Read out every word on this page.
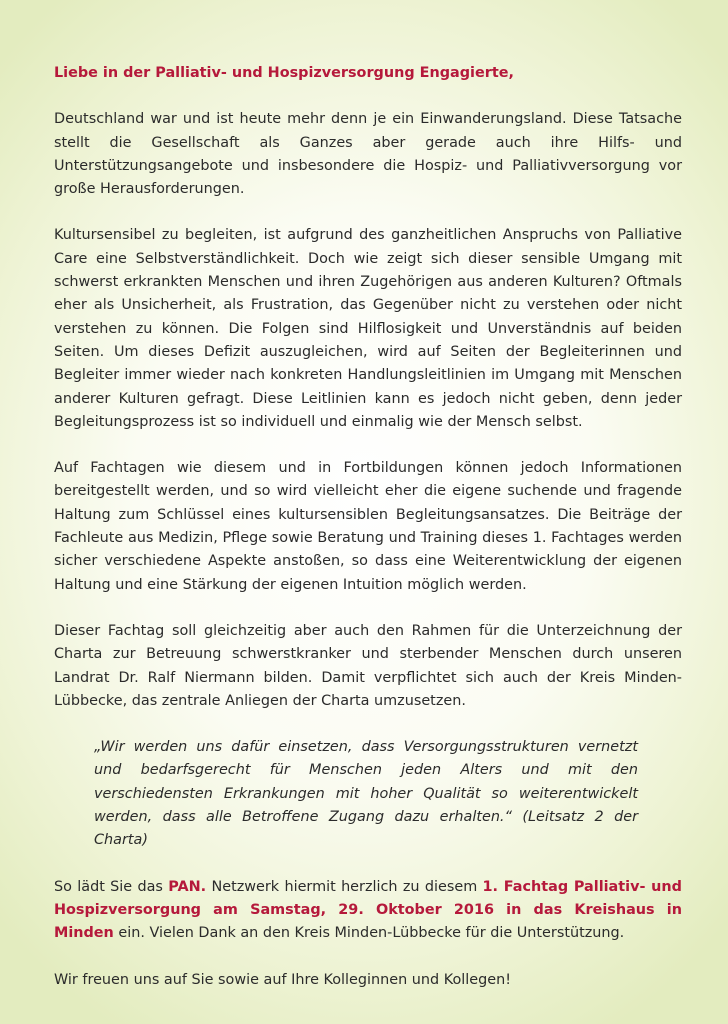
Liebe in der Palliativ- und Hospizversorgung Engagierte,

Deutschland war und ist heute mehr denn je ein Einwanderungsland. Diese Tatsache stellt die Gesellschaft als Ganzes aber gerade auch ihre Hilfs- und Unterstützungsangebote und insbesondere die Hospiz- und Palliativversorgung vor große Herausforderungen.

Kultursensibel zu begleiten, ist aufgrund des ganzheitlichen Anspruchs von Palliative Care eine Selbstverständlichkeit. Doch wie zeigt sich dieser sensible Umgang mit schwerst erkrankten Menschen und ihren Zugehörigen aus anderen Kulturen? Oftmals eher als Unsicherheit, als Frustration, das Gegenüber nicht zu verstehen oder nicht verstehen zu können. Die Folgen sind Hilflosigkeit und Unverständnis auf beiden Seiten. Um dieses Defizit auszugleichen, wird auf Seiten der Begleiterinnen und Begleiter immer wieder nach konkreten Handlungsleitlinien im Umgang mit Menschen anderer Kulturen gefragt. Diese Leitlinien kann es jedoch nicht geben, denn jeder Begleitungsprozess ist so individuell und einmalig wie der Mensch selbst.

Auf Fachtagen wie diesem und in Fortbildungen können jedoch Informationen bereitgestellt werden, und so wird vielleicht eher die eigene suchende und fragende Haltung zum Schlüssel eines kultursensiblen Begleitungsansatzes. Die Beiträge der Fachleute aus Medizin, Pflege sowie Beratung und Training dieses 1. Fachtages werden sicher verschiedene Aspekte anstoßen, so dass eine Weiterentwicklung der eigenen Haltung und eine Stärkung der eigenen Intuition möglich werden.

Dieser Fachtag soll gleichzeitig aber auch den Rahmen für die Unterzeichnung der Charta zur Betreuung schwerstkranker und sterbender Menschen durch unseren Landrat Dr. Ralf Niermann bilden. Damit verpflichtet sich auch der Kreis Minden-Lübbecke, das zentrale Anliegen der Charta umzusetzen.

„Wir werden uns dafür einsetzen, dass Versorgungsstrukturen vernetzt und bedarfsgerecht für Menschen jeden Alters und mit den verschiedensten Erkrankungen mit hoher Qualität so weiterentwickelt werden, dass alle Betroffene Zugang dazu erhalten.“ (Leitsatz 2 der Charta)

So lädt Sie das PAN. Netzwerk hiermit herzlich zu diesem 1. Fachtag Palliativ- und Hospizversorgung am Samstag, 29. Oktober 2016 in das Kreishaus in Minden ein. Vielen Dank an den Kreis Minden-Lübbecke für die Unterstützung.

Wir freuen uns auf Sie sowie auf Ihre Kolleginnen und Kollegen!
